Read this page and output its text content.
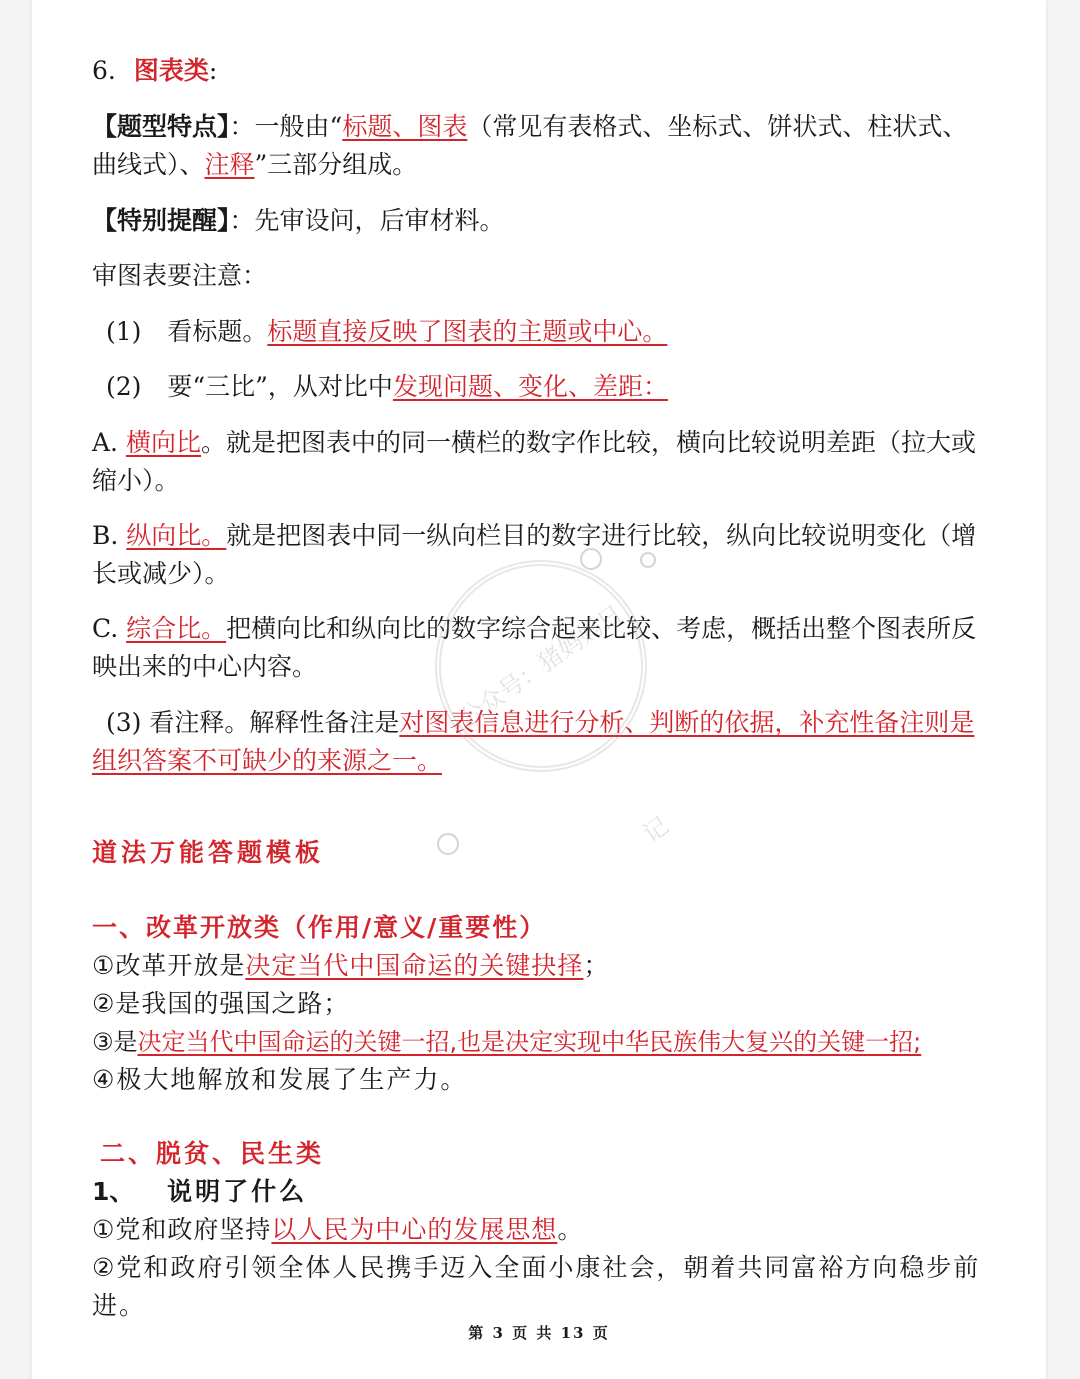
6. 图表类:
【题型特点】：一般由“标题、图表（常见有表格式、坐标式、饼状式、柱状式、曲线式）、注释”三部分组成。
【特别提醒】：先审设问，后审材料。
审图表要注意：
(1) 看标题。标题直接反映了图表的主题或中心。
(2) 要“三比”，从对比中发现问题、变化、差距：
A. 横向比。就是把图表中的同一横栏的数字作比较，横向比较说明差距（拉大或缩小）。
B. 纵向比。就是把图表中同一纵向栏目的数字进行比较，纵向比较说明变化（增长或减少）。
C. 综合比。把横向比和纵向比的数字综合起来比较、考虑，概括出整个图表所反映出来的中心内容。
(3) 看注释。解释性备注是对图表信息进行分析、判断的依据，补充性备注则是组织答案不可缺少的来源之一。
道法万能答题模板
一、改革开放类（作用/意义/重要性）
①改革开放是决定当代中国命运的关键抉择；
②是我国的强国之路；
③是决定当代中国命运的关键一招,也是决定实现中华民族伟大复兴的关键一招;
④极大地解放和发展了生产力。
二、脱贫、民生类
1、 说明了什么
①党和政府坚持以人民为中心的发展思想。
②党和政府引领全体人民携手迈入全面小康社会，朝着共同富裕方向稳步前进。
公众号：猪妈妈日记
第 3 页 共 13 页
